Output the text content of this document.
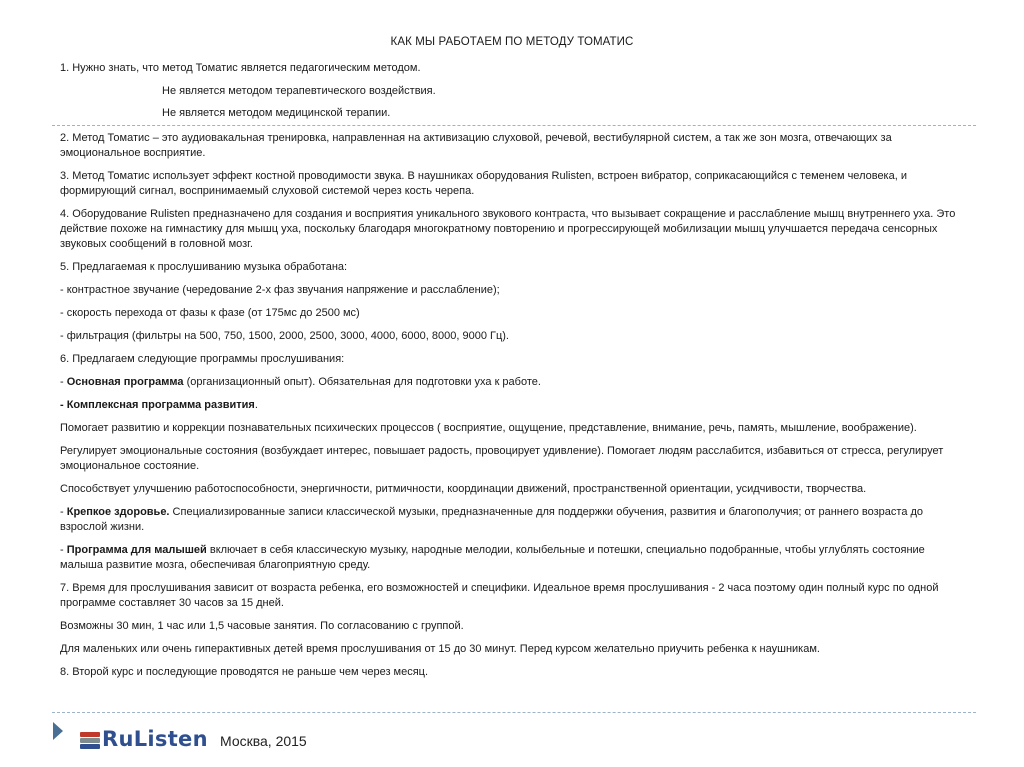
КАК МЫ РАБОТАЕМ ПО МЕТОДУ ТОМАТИС

1. Нужно знать, что метод Томатис является педагогическим методом.

Не является методом терапевтического воздействия.

Не является методом медицинской терапии.

2. Метод Томатис – это аудиовакальная тренировка, направленная на активизацию слуховой, речевой, вестибулярной систем, а так же зон мозга, отвечающих за эмоциональное восприятие.

3. Метод Томатис использует эффект костной проводимости звука. В наушниках оборудования Rulisten, встроен вибратор, соприкасающийся с теменем человека, и формирующий сигнал, воспринимаемый слуховой системой через кость черепа.

4. Оборудование Rulisten предназначено для создания и восприятия уникального звукового контраста, что вызывает сокращение и расслабление мышц внутреннего уха. Это действие похоже на гимнастику для мышц уха, поскольку благодаря многократному повторению и прогрессирующей мобилизации мышц улучшается передача сенсорных звуковых сообщений в головной мозг.

5. Предлагаемая к прослушиванию музыка обработана:

- контрастное звучание (чередование 2-х фаз звучания напряжение и расслабление);

- скорость перехода от фазы к фазе (от 175мс до 2500 мс)

- фильтрация (фильтры на 500, 750, 1500, 2000, 2500, 3000, 4000, 6000, 8000, 9000 Гц).

6. Предлагаем следующие программы прослушивания:

- Основная программа (организационный опыт). Обязательная для подготовки уха к работе.

- Комплексная программа развития.

Помогает развитию и коррекции познавательных психических процессов ( восприятие, ощущение, представление, внимание, речь, память, мышление, воображение).

Регулирует эмоциональные состояния (возбуждает интерес, повышает радость, провоцирует удивление). Помогает людям расслабится, избавиться от стресса, регулирует эмоциональное состояние.

Способствует улучшению работоспособности, энергичности, ритмичности, координации движений, пространственной ориентации, усидчивости, творчества.

- Крепкое здоровье. Специализированные записи классической музыки, предназначенные для поддержки обучения, развития и благополучия; от раннего возраста до взрослой жизни.

- Программа для малышей включает в себя классическую музыку, народные мелодии, колыбельные и потешки, специально подобранные, чтобы углублять состояние малыша развитие мозга, обеспечивая благоприятную среду.

7. Время для прослушивания зависит от возраста ребенка, его возможностей и специфики. Идеальное время прослушивания - 2 часа поэтому один полный курс по одной программе составляет 30 часов за 15 дней.

Возможны 30 мин, 1 час или 1,5 часовые занятия. По согласованию с группой.

Для маленьких или очень гиперактивных детей время прослушивания от 15 до 30 минут. Перед курсом желательно приучить ребенка к наушникам.

8. Второй курс и последующие проводятся не раньше чем через месяц.

RuListen Москва, 2015
